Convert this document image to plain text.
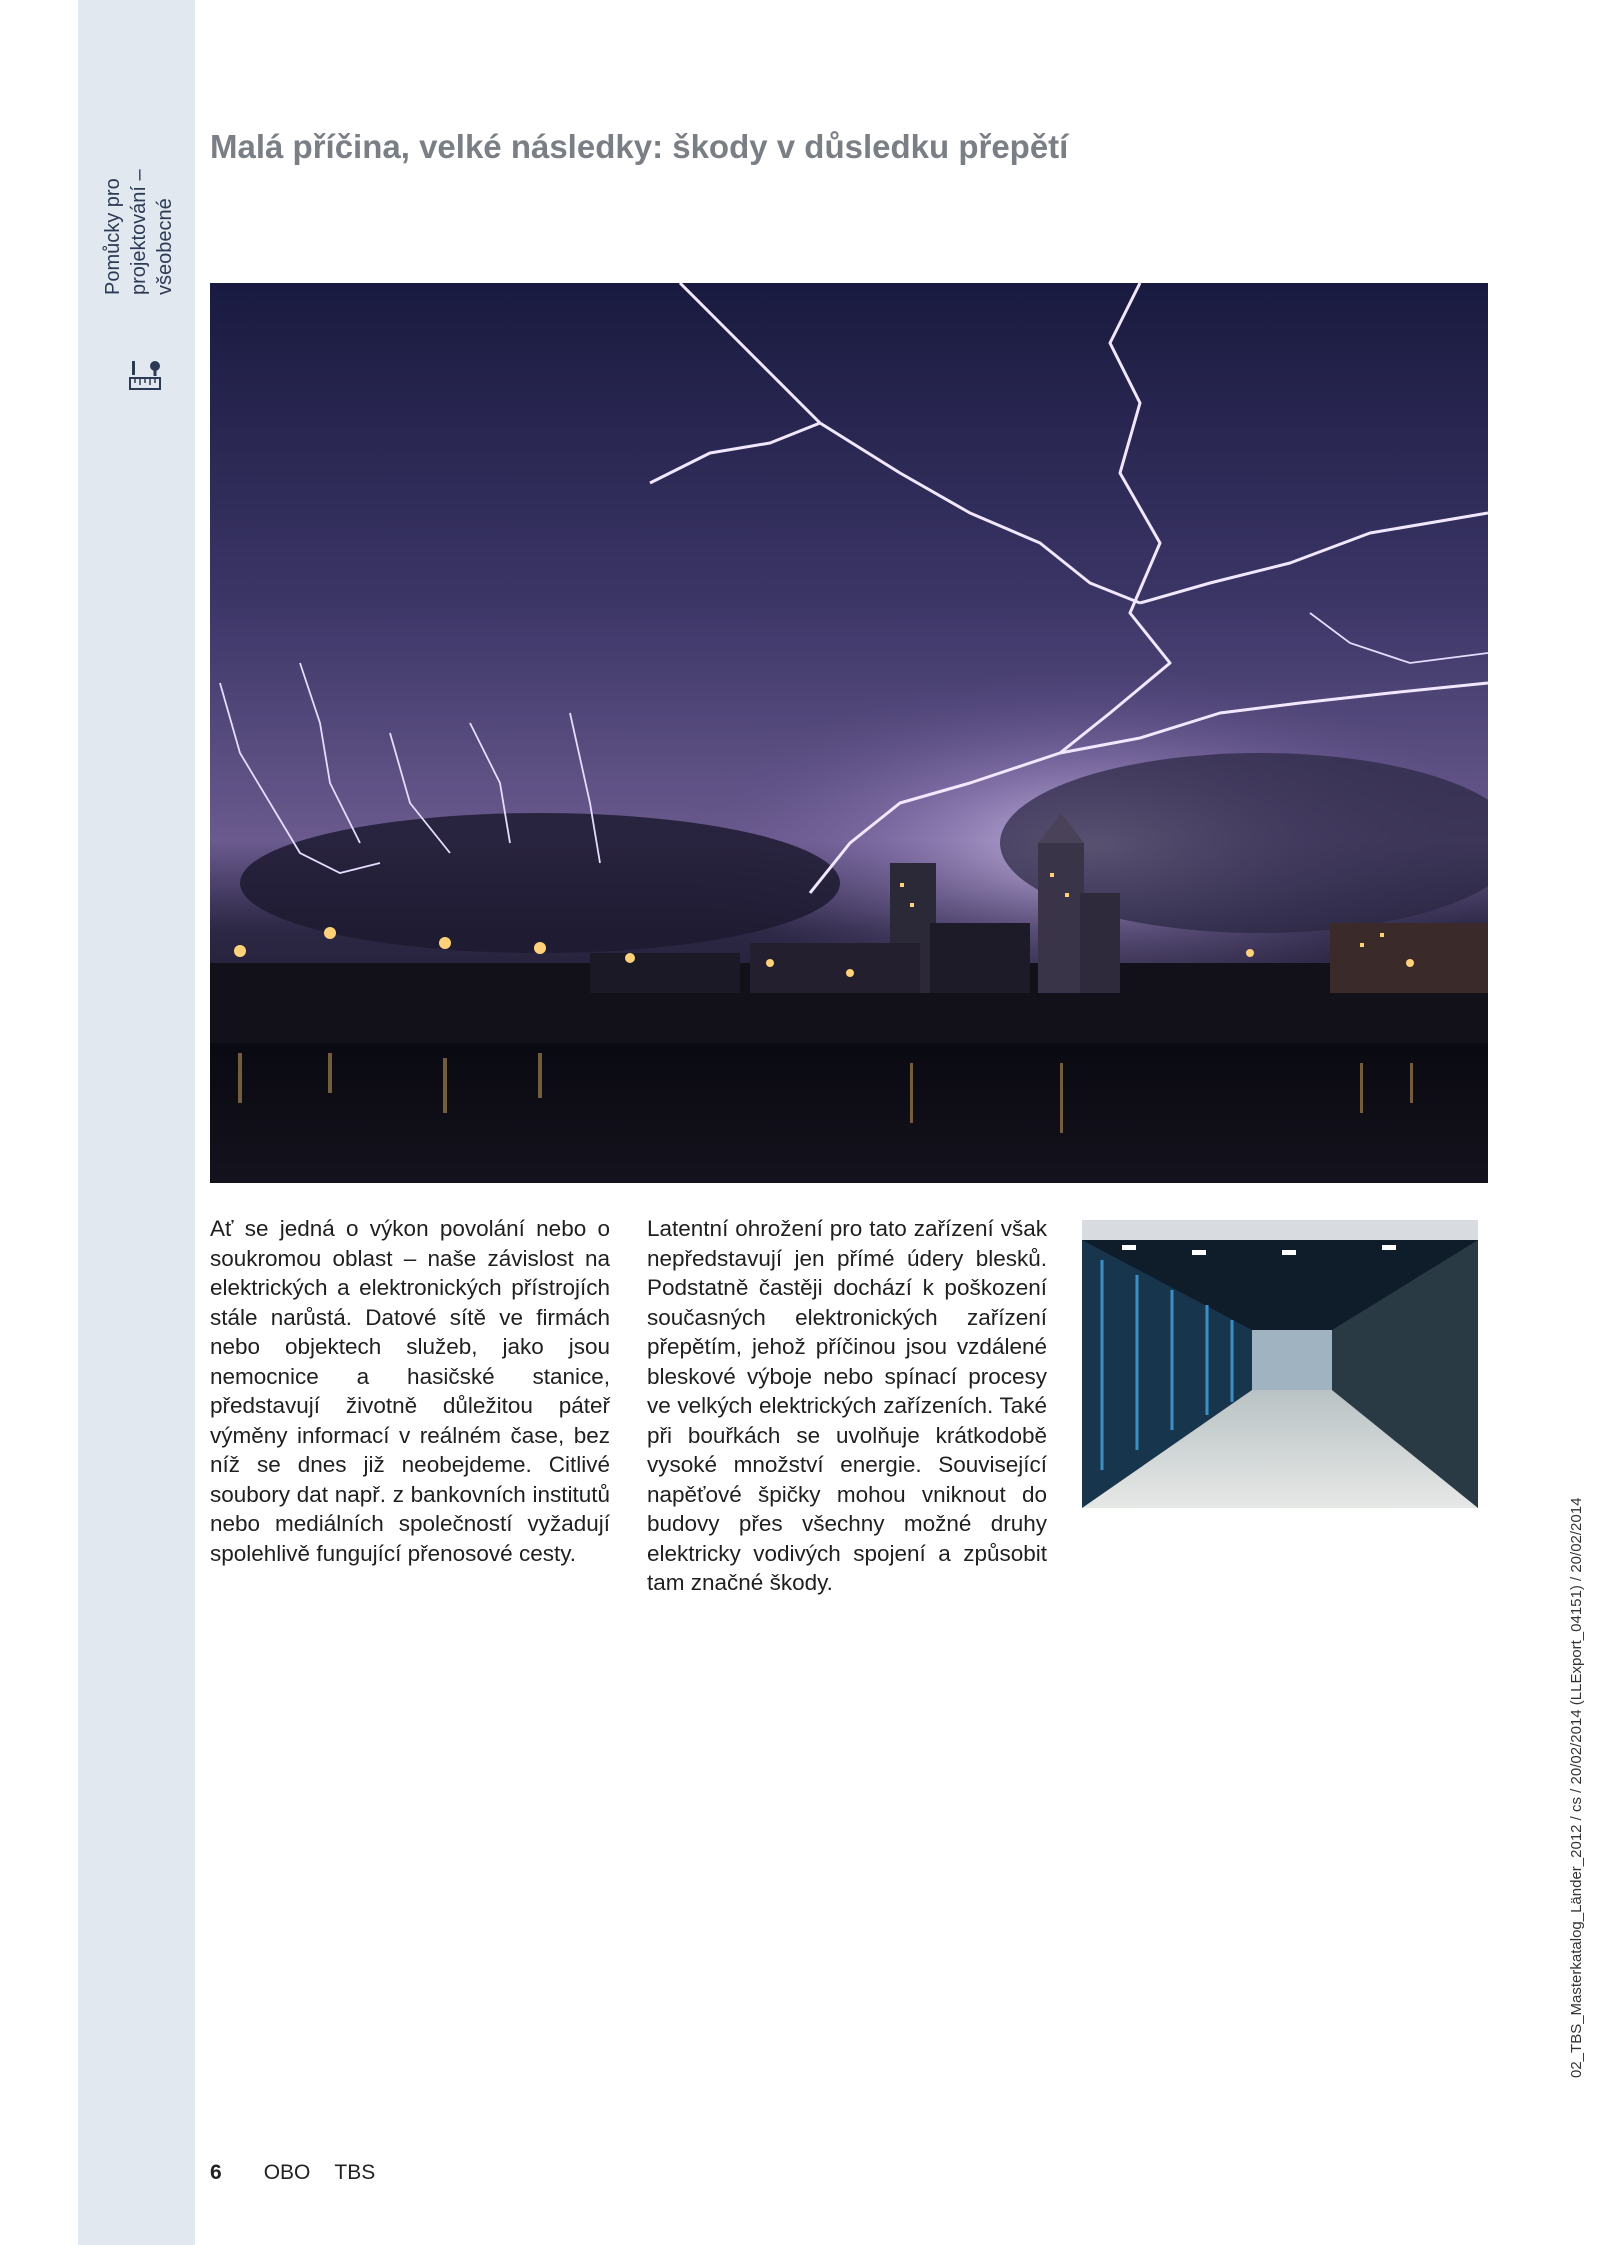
Pomůcky pro projektování – všeobecné
Malá příčina, velké následky: škody v důsledku přepětí

Ať se jedná o výkon povolání nebo o soukromou oblast – naše závislost na elektrických a elektronických přístrojích stále narůstá. Datové sítě ve firmách nebo objektech služeb, jako jsou nemocnice a hasičské stanice, představují životně důležitou páteř výměny informací v reálném čase, bez níž se dnes již neobejdeme. Citlivé soubory dat např. z bankovních institutů nebo mediálních společností vyžadují spolehlivě fungující přenosové cesty.

Latentní ohrožení pro tato zařízení však nepředstavují jen přímé údery blesků. Podstatně častěji dochází k poškození současných elektronických zařízení přepětím, jehož příčinou jsou vzdálené bleskové výboje nebo spínací procesy ve velkých elektrických zařízeních. Také při bouřkách se uvolňuje krátkodobě vysoké množství energie. Související napěťové špičky mohou vniknout do budovy přes všechny možné druhy elektricky vodivých spojení a způsobit tam značné škody.

6 OBO TBS
02_TBS_Masterkatalog_Länder_2012 / cs / 20/02/2014 (LLExport_04151) / 20/02/2014
